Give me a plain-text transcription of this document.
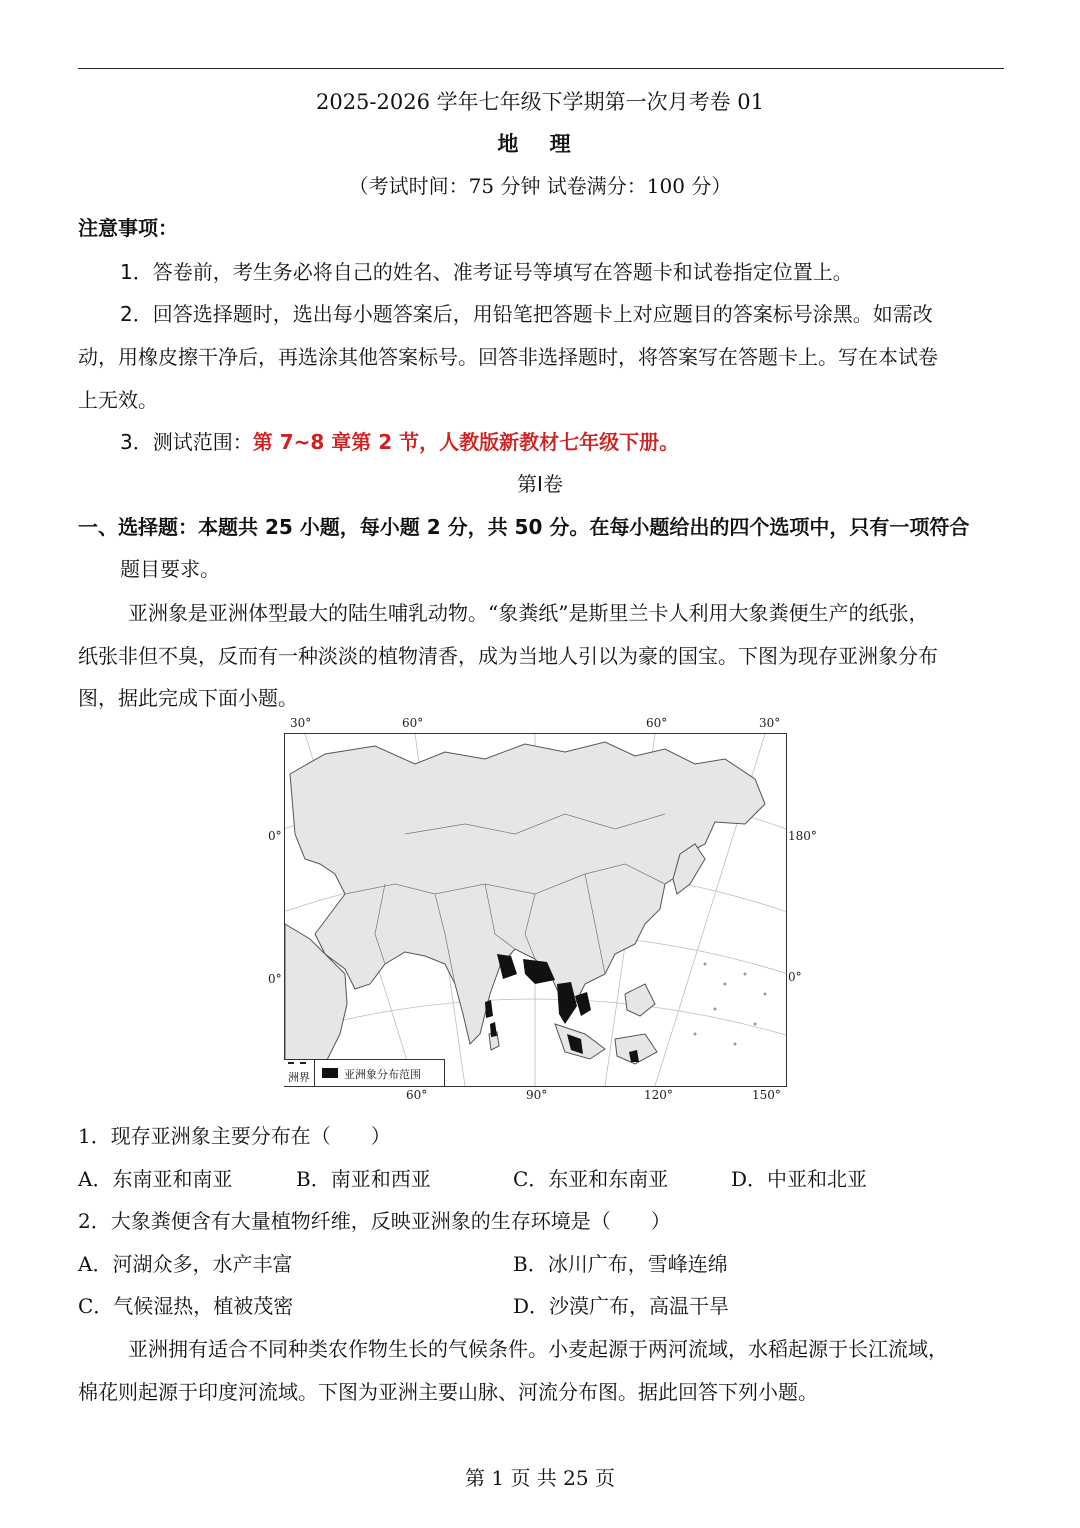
2025-2026 学年七年级下学期第一次月考卷 01
地 理
（考试时间：75 分钟 试卷满分：100 分）
注意事项：
1．答卷前，考生务必将自己的姓名、准考证号等填写在答题卡和试卷指定位置上。
2．回答选择题时，选出每小题答案后，用铅笔把答题卡上对应题目的答案标号涂黑。如需改
动，用橡皮擦干净后，再选涂其他答案标号。回答非选择题时，将答案写在答题卡上。写在本试卷
上无效。
3．测试范围：第 7~8 章第 2 节，人教版新教材七年级下册。
第I卷
一、选择题：本题共 25 小题，每小题 2 分，共 50 分。在每小题给出的四个选项中，只有一项符合
题目要求。
亚洲象是亚洲体型最大的陆生哺乳动物。“象粪纸”是斯里兰卡人利用大象粪便生产的纸张，
纸张非但不臭，反而有一种淡淡的植物清香，成为当地人引以为豪的国宝。下图为现存亚洲象分布
图，据此完成下面小题。
30°	60°	60°	30°
0°
0°
180°
0°
60°	90°	120°	150°
洲界	亚洲象分布范围
1．现存亚洲象主要分布在（　　）
A．东南亚和南亚	B．南亚和西亚	C．东亚和东南亚	D．中亚和北亚
2．大象粪便含有大量植物纤维，反映亚洲象的生存环境是（　　）
A．河湖众多，水产丰富	B．冰川广布，雪峰连绵
C．气候湿热，植被茂密	D．沙漠广布，高温干旱
亚洲拥有适合不同种类农作物生长的气候条件。小麦起源于两河流域，水稻起源于长江流域，
棉花则起源于印度河流域。下图为亚洲主要山脉、河流分布图。据此回答下列小题。
第 1 页 共 25 页
